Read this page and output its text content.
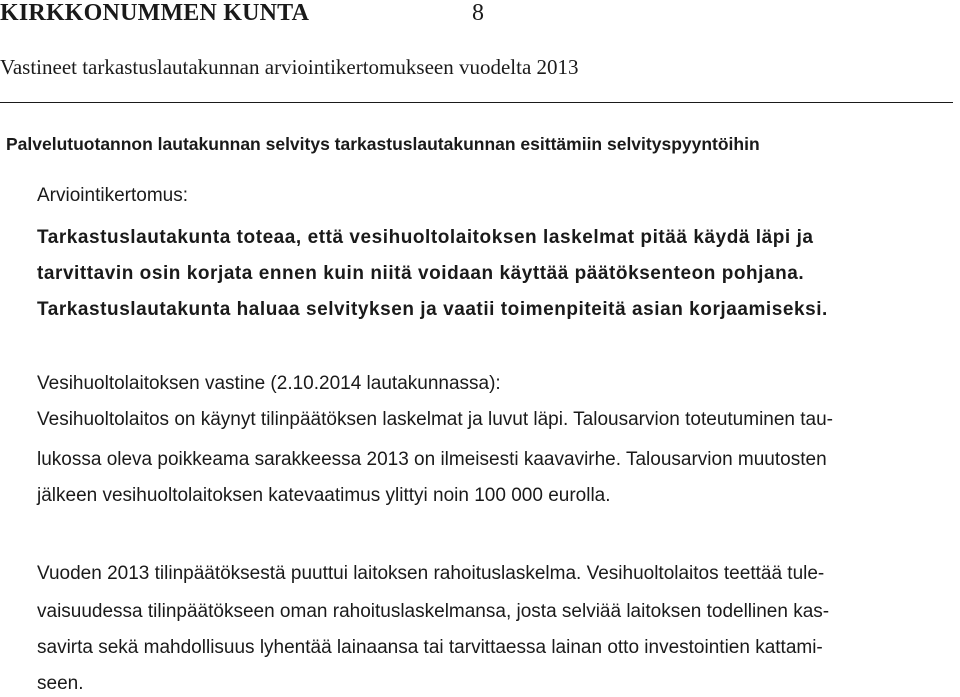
KIRKKONUMMEN KUNTA	8
Vastineet tarkastuslautakunnan arviointikertomukseen vuodelta 2013
Palvelutuotannon lautakunnan selvitys tarkastuslautakunnan esittämiin selvityspyyntöihin
Arviointikertomus:
Tarkastuslautakunta toteaa, että vesihuoltolaitoksen laskelmat pitää käydä läpi ja
tarvittavin osin korjata ennen kuin niitä voidaan käyttää päätöksenteon pohjana.
Tarkastuslautakunta haluaa selvityksen ja vaatii toimenpiteitä asian korjaamiseksi.
Vesihuoltolaitoksen vastine (2.10.2014 lautakunnassa):
Vesihuoltolaitos on käynyt tilinpäätöksen laskelmat ja luvut läpi. Talousarvion toteutuminen tau-
lukossa oleva poikkeama sarakkeessa 2013 on ilmeisesti kaavavirhe. Talousarvion muutosten
jälkeen vesihuoltolaitoksen katevaatimus ylittyi noin 100 000 eurolla.
Vuoden 2013 tilinpäätöksestä puuttui laitoksen rahoituslaskelma. Vesihuoltolaitos teettää tule-
vaisuudessa tilinpäätökseen oman rahoituslaskelmansa, josta selviää laitoksen todellinen kas-
savirta sekä mahdollisuus lyhentää lainaansa tai tarvittaessa lainan otto investointien kattami-
seen.
